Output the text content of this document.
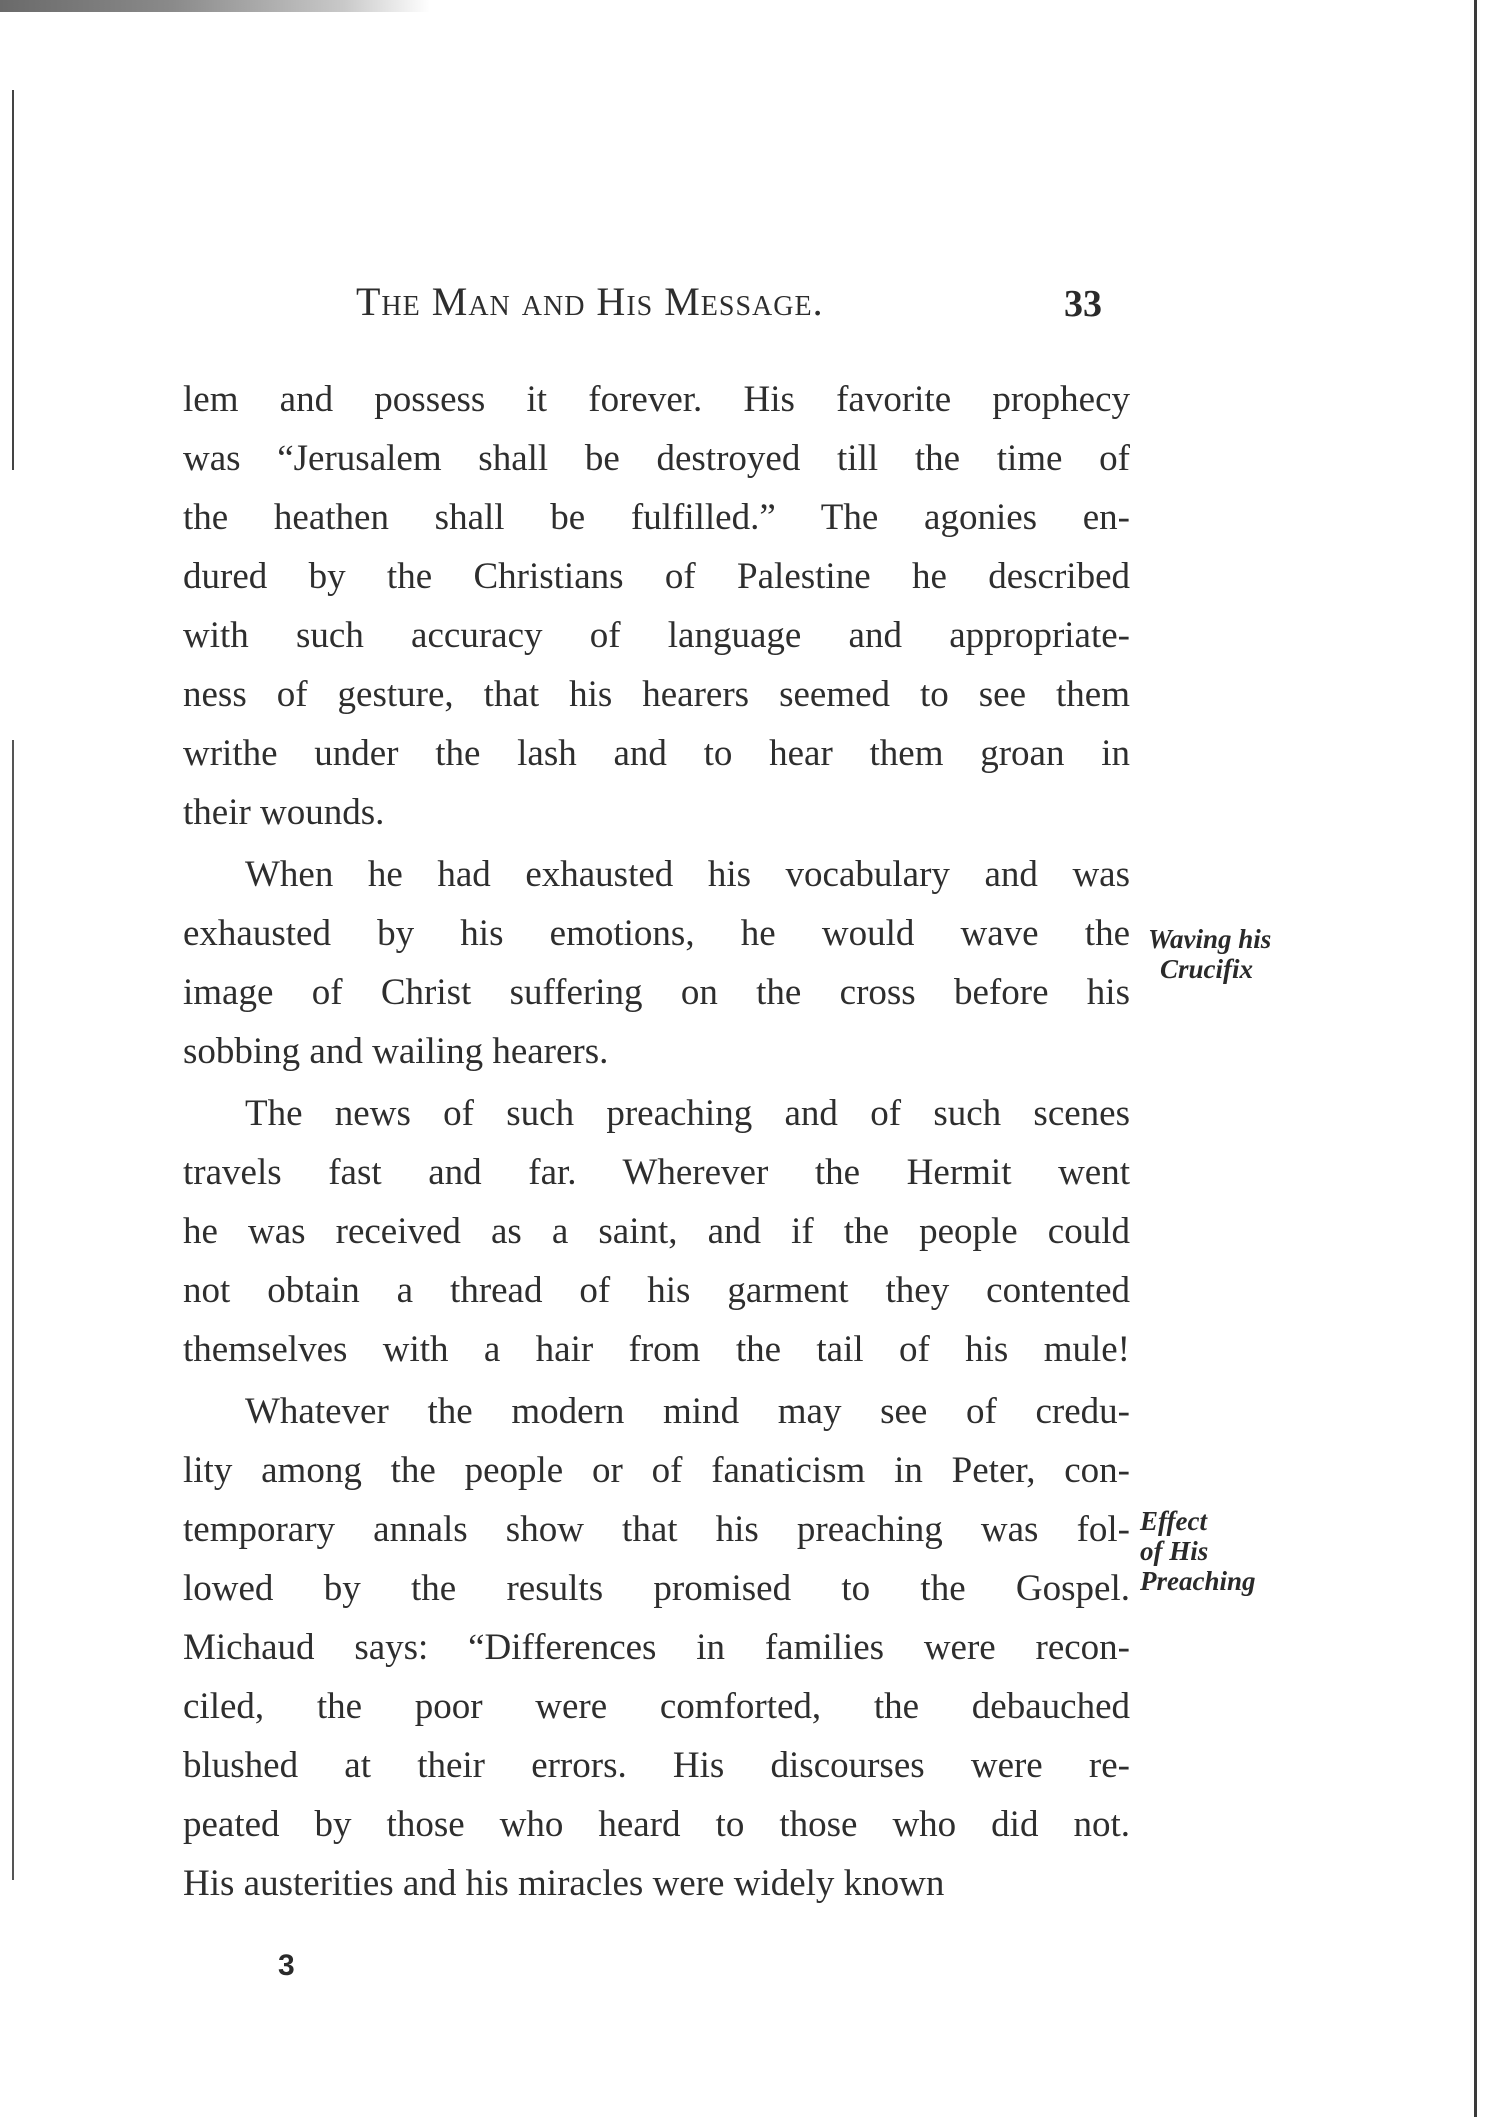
The Man and His Message.	33
lem and possess it forever. His favorite prophecy
was “Jerusalem shall be destroyed till the time of
the heathen shall be fulfilled.” The agonies en-
dured by the Christians of Palestine he described
with such accuracy of language and appropriate-
ness of gesture, that his hearers seemed to see them
writhe under the lash and to hear them groan in
their wounds.
When he had exhausted his vocabulary and was
exhausted by his emotions, he would wave the
image of Christ suffering on the cross before his
sobbing and wailing hearers.
The news of such preaching and of such scenes
travels fast and far. Wherever the Hermit went
he was received as a saint, and if the people could
not obtain a thread of his garment they contented
themselves with a hair from the tail of his mule!
Whatever the modern mind may see of credu-
lity among the people or of fanaticism in Peter, con-
temporary annals show that his preaching was fol-
lowed by the results promised to the Gospel.
Michaud says: “Differences in families were recon-
ciled, the poor were comforted, the debauched
blushed at their errors. His discourses were re-
peated by those who heard to those who did not.
His austerities and his miracles were widely known
Waving his
Crucifix
Effect
of His
Preaching
3
